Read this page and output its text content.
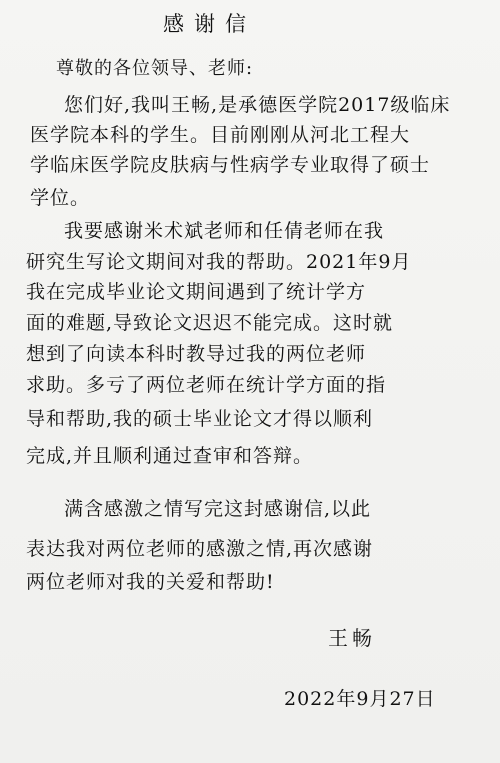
感谢信
尊敬的各位领导、老师:
您们好,我叫王畅,是承德医学院2017级临床
医学院本科的学生。目前刚刚从河北工程大
学临床医学院皮肤病与性病学专业取得了硕士
学位。
我要感谢米术斌老师和任倩老师在我
研究生写论文期间对我的帮助。2021年9月
我在完成毕业论文期间遇到了统计学方
面的难题,导致论文迟迟不能完成。这时就
想到了向读本科时教导过我的两位老师
求助。多亏了两位老师在统计学方面的指
导和帮助,我的硕士毕业论文才得以顺利
完成,并且顺利通过查审和答辩。
满含感激之情写完这封感谢信,以此
表达我对两位老师的感激之情,再次感谢
两位老师对我的关爱和帮助!
王畅
2022年9月27日
